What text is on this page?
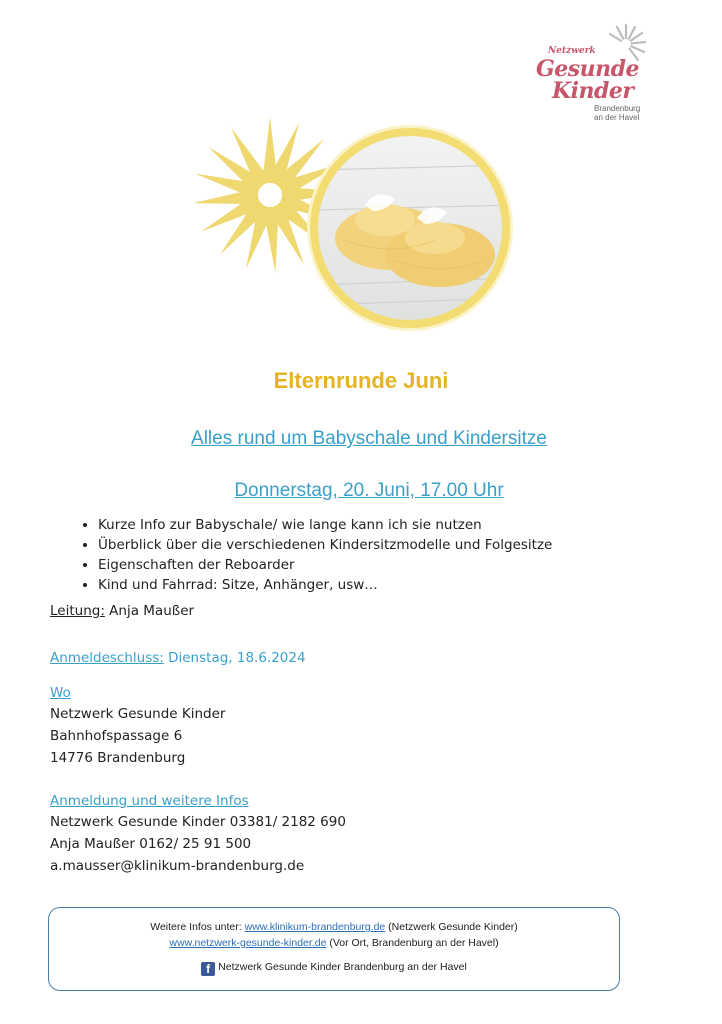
Netzwerk
Gesunde
Kinder
Brandenburg
an der Havel
Elternrunde Juni
Alles rund um Babyschale und Kindersitze
Donnerstag, 20. Juni, 17.00 Uhr
• Kurze Info zur Babyschale/ wie lange kann ich sie nutzen
• Überblick über die verschiedenen Kindersitzmodelle und Folgesitze
• Eigenschaften der Reboarder
• Kind und Fahrrad: Sitze, Anhänger, usw…
Leitung: Anja Maußer
Anmeldeschluss: Dienstag, 18.6.2024
Wo
Netzwerk Gesunde Kinder
Bahnhofspassage 6
14776 Brandenburg
Anmeldung und weitere Infos
Netzwerk Gesunde Kinder 03381/ 2182 690
Anja Maußer 0162/ 25 91 500
a.mausser@klinikum-brandenburg.de
Weitere Infos unter: www.klinikum-brandenburg.de (Netzwerk Gesunde Kinder)
www.netzwerk-gesunde-kinder.de (Vor Ort, Brandenburg an der Havel)
f Netzwerk Gesunde Kinder Brandenburg an der Havel
